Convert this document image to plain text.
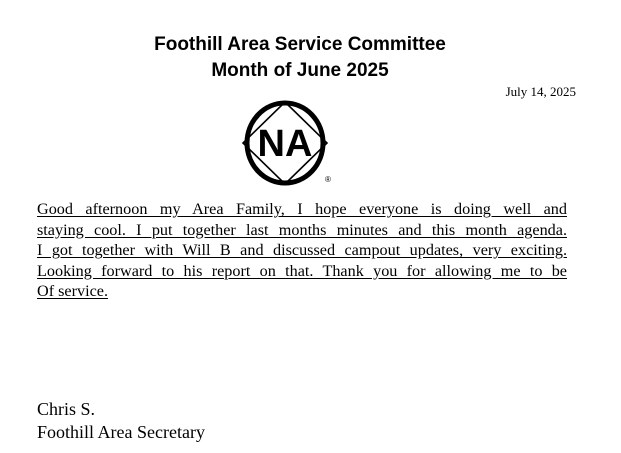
Foothill Area Service Committee
Month of June 2025
July 14, 2025
NA
®
Good afternoon my Area Family, I hope everyone is doing well and
staying cool. I put together last months minutes and this month agenda.
I got together with Will B and discussed campout updates, very exciting.
Looking forward to his report on that. Thank you for allowing me to be
Of service.
Chris S.
Foothill Area Secretary
